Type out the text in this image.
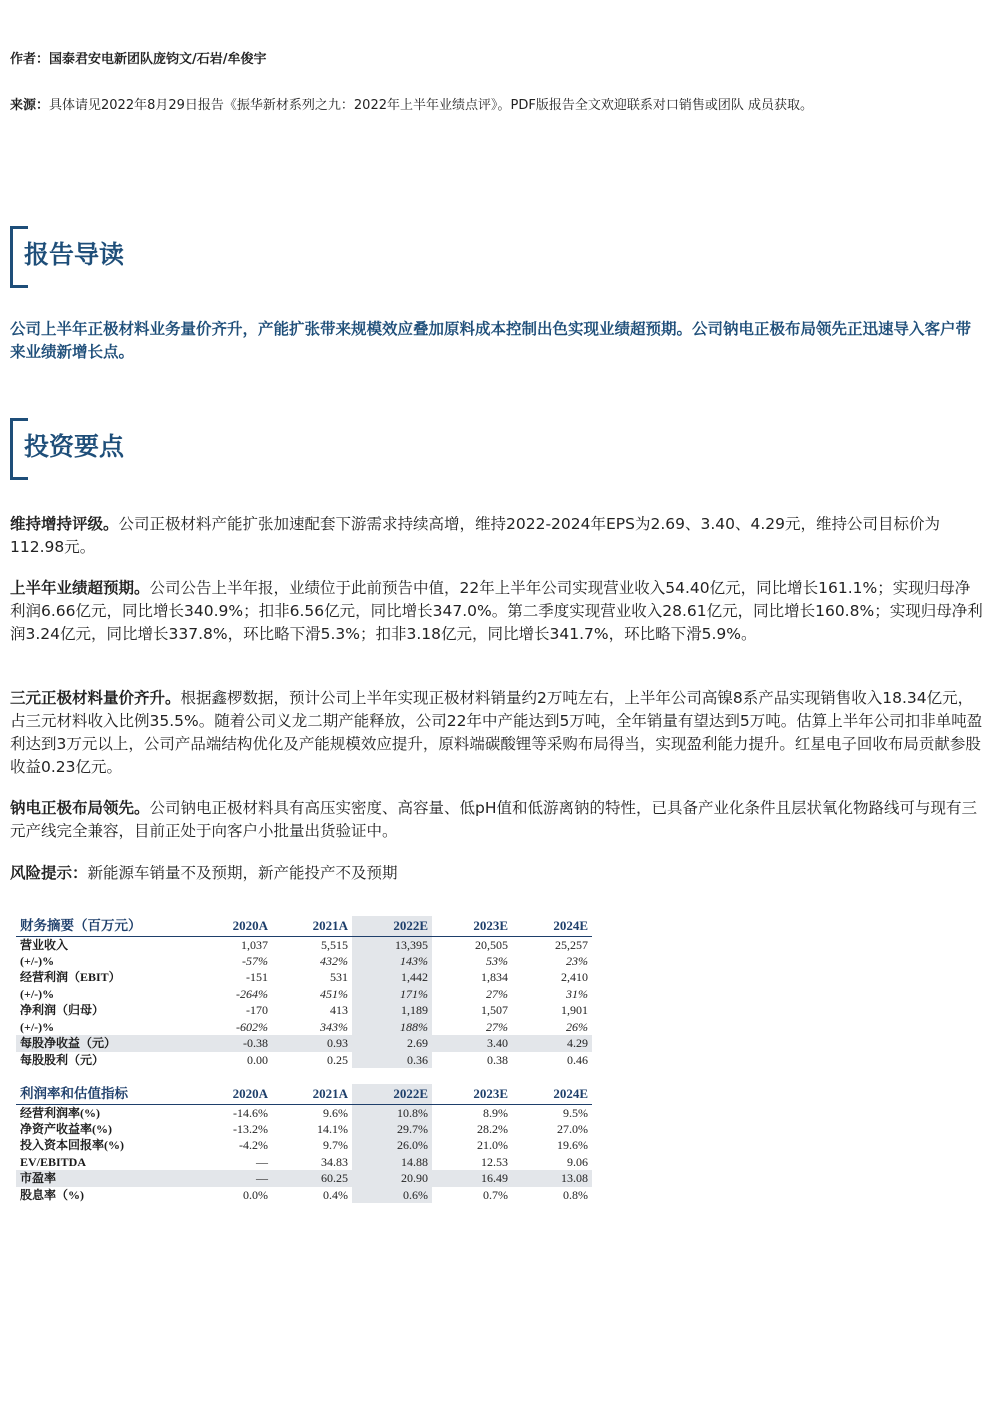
作者：国泰君安电新团队庞钧文/石岩/牟俊宇
来源：具体请见2022年8月29日报告《振华新材系列之九：2022年上半年业绩点评》。PDF版报告全文欢迎联系对口销售或团队 成员获取。
报告导读
公司上半年正极材料业务量价齐升，产能扩张带来规模效应叠加原料成本控制出色实现业绩超预期。公司钠电正极布局领先正迅速导入客户带来业绩新增长点。
投资要点
维持增持评级。公司正极材料产能扩张加速配套下游需求持续高增，维持2022-2024年EPS为2.69、3.40、4.29元，维持公司目标价为112.98元。
上半年业绩超预期。公司公告上半年报，业绩位于此前预告中值，22年上半年公司实现营业收入54.40亿元，同比增长161.1%；实现归母净利润6.66亿元，同比增长340.9%；扣非6.56亿元，同比增长347.0%。第二季度实现营业收入28.61亿元，同比增长160.8%；实现归母净利润3.24亿元，同比增长337.8%，环比略下滑5.3%；扣非3.18亿元，同比增长341.7%，环比略下滑5.9%。
三元正极材料量价齐升。根据鑫椤数据，预计公司上半年实现正极材料销量约2万吨左右，上半年公司高镍8系产品实现销售收入18.34亿元，占三元材料收入比例35.5%。随着公司义龙二期产能释放，公司22年中产能达到5万吨，全年销量有望达到5万吨。估算上半年公司扣非单吨盈利达到3万元以上，公司产品端结构优化及产能规模效应提升，原料端碳酸锂等采购布局得当，实现盈利能力提升。红星电子回收布局贡献参股收益0.23亿元。
钠电正极布局领先。公司钠电正极材料具有高压实密度、高容量、低pH值和低游离钠的特性，已具备产业化条件且层状氧化物路线可与现有三元产线完全兼容，目前正处于向客户小批量出货验证中。
风险提示：新能源车销量不及预期，新产能投产不及预期
财务摘要（百万元）	2020A	2021A	2022E	2023E	2024E
营业收入	1,037	5,515	13,395	20,505	25,257
(+/-)%	-57%	432%	143%	53%	23%
经营利润（EBIT）	-151	531	1,442	1,834	2,410
(+/-)%	-264%	451%	171%	27%	31%
净利润（归母）	-170	413	1,189	1,507	1,901
(+/-)%	-602%	343%	188%	27%	26%
每股净收益（元）	-0.38	0.93	2.69	3.40	4.29
每股股利（元）	0.00	0.25	0.36	0.38	0.46
利润率和估值指标	2020A	2021A	2022E	2023E	2024E
经营利润率(%)	-14.6%	9.6%	10.8%	8.9%	9.5%
净资产收益率(%)	-13.2%	14.1%	29.7%	28.2%	27.0%
投入资本回报率(%)	-4.2%	9.7%	26.0%	21.0%	19.6%
EV/EBITDA	—	34.83	14.88	12.53	9.06
市盈率	—	60.25	20.90	16.49	13.08
股息率（%)	0.0%	0.4%	0.6%	0.7%	0.8%
